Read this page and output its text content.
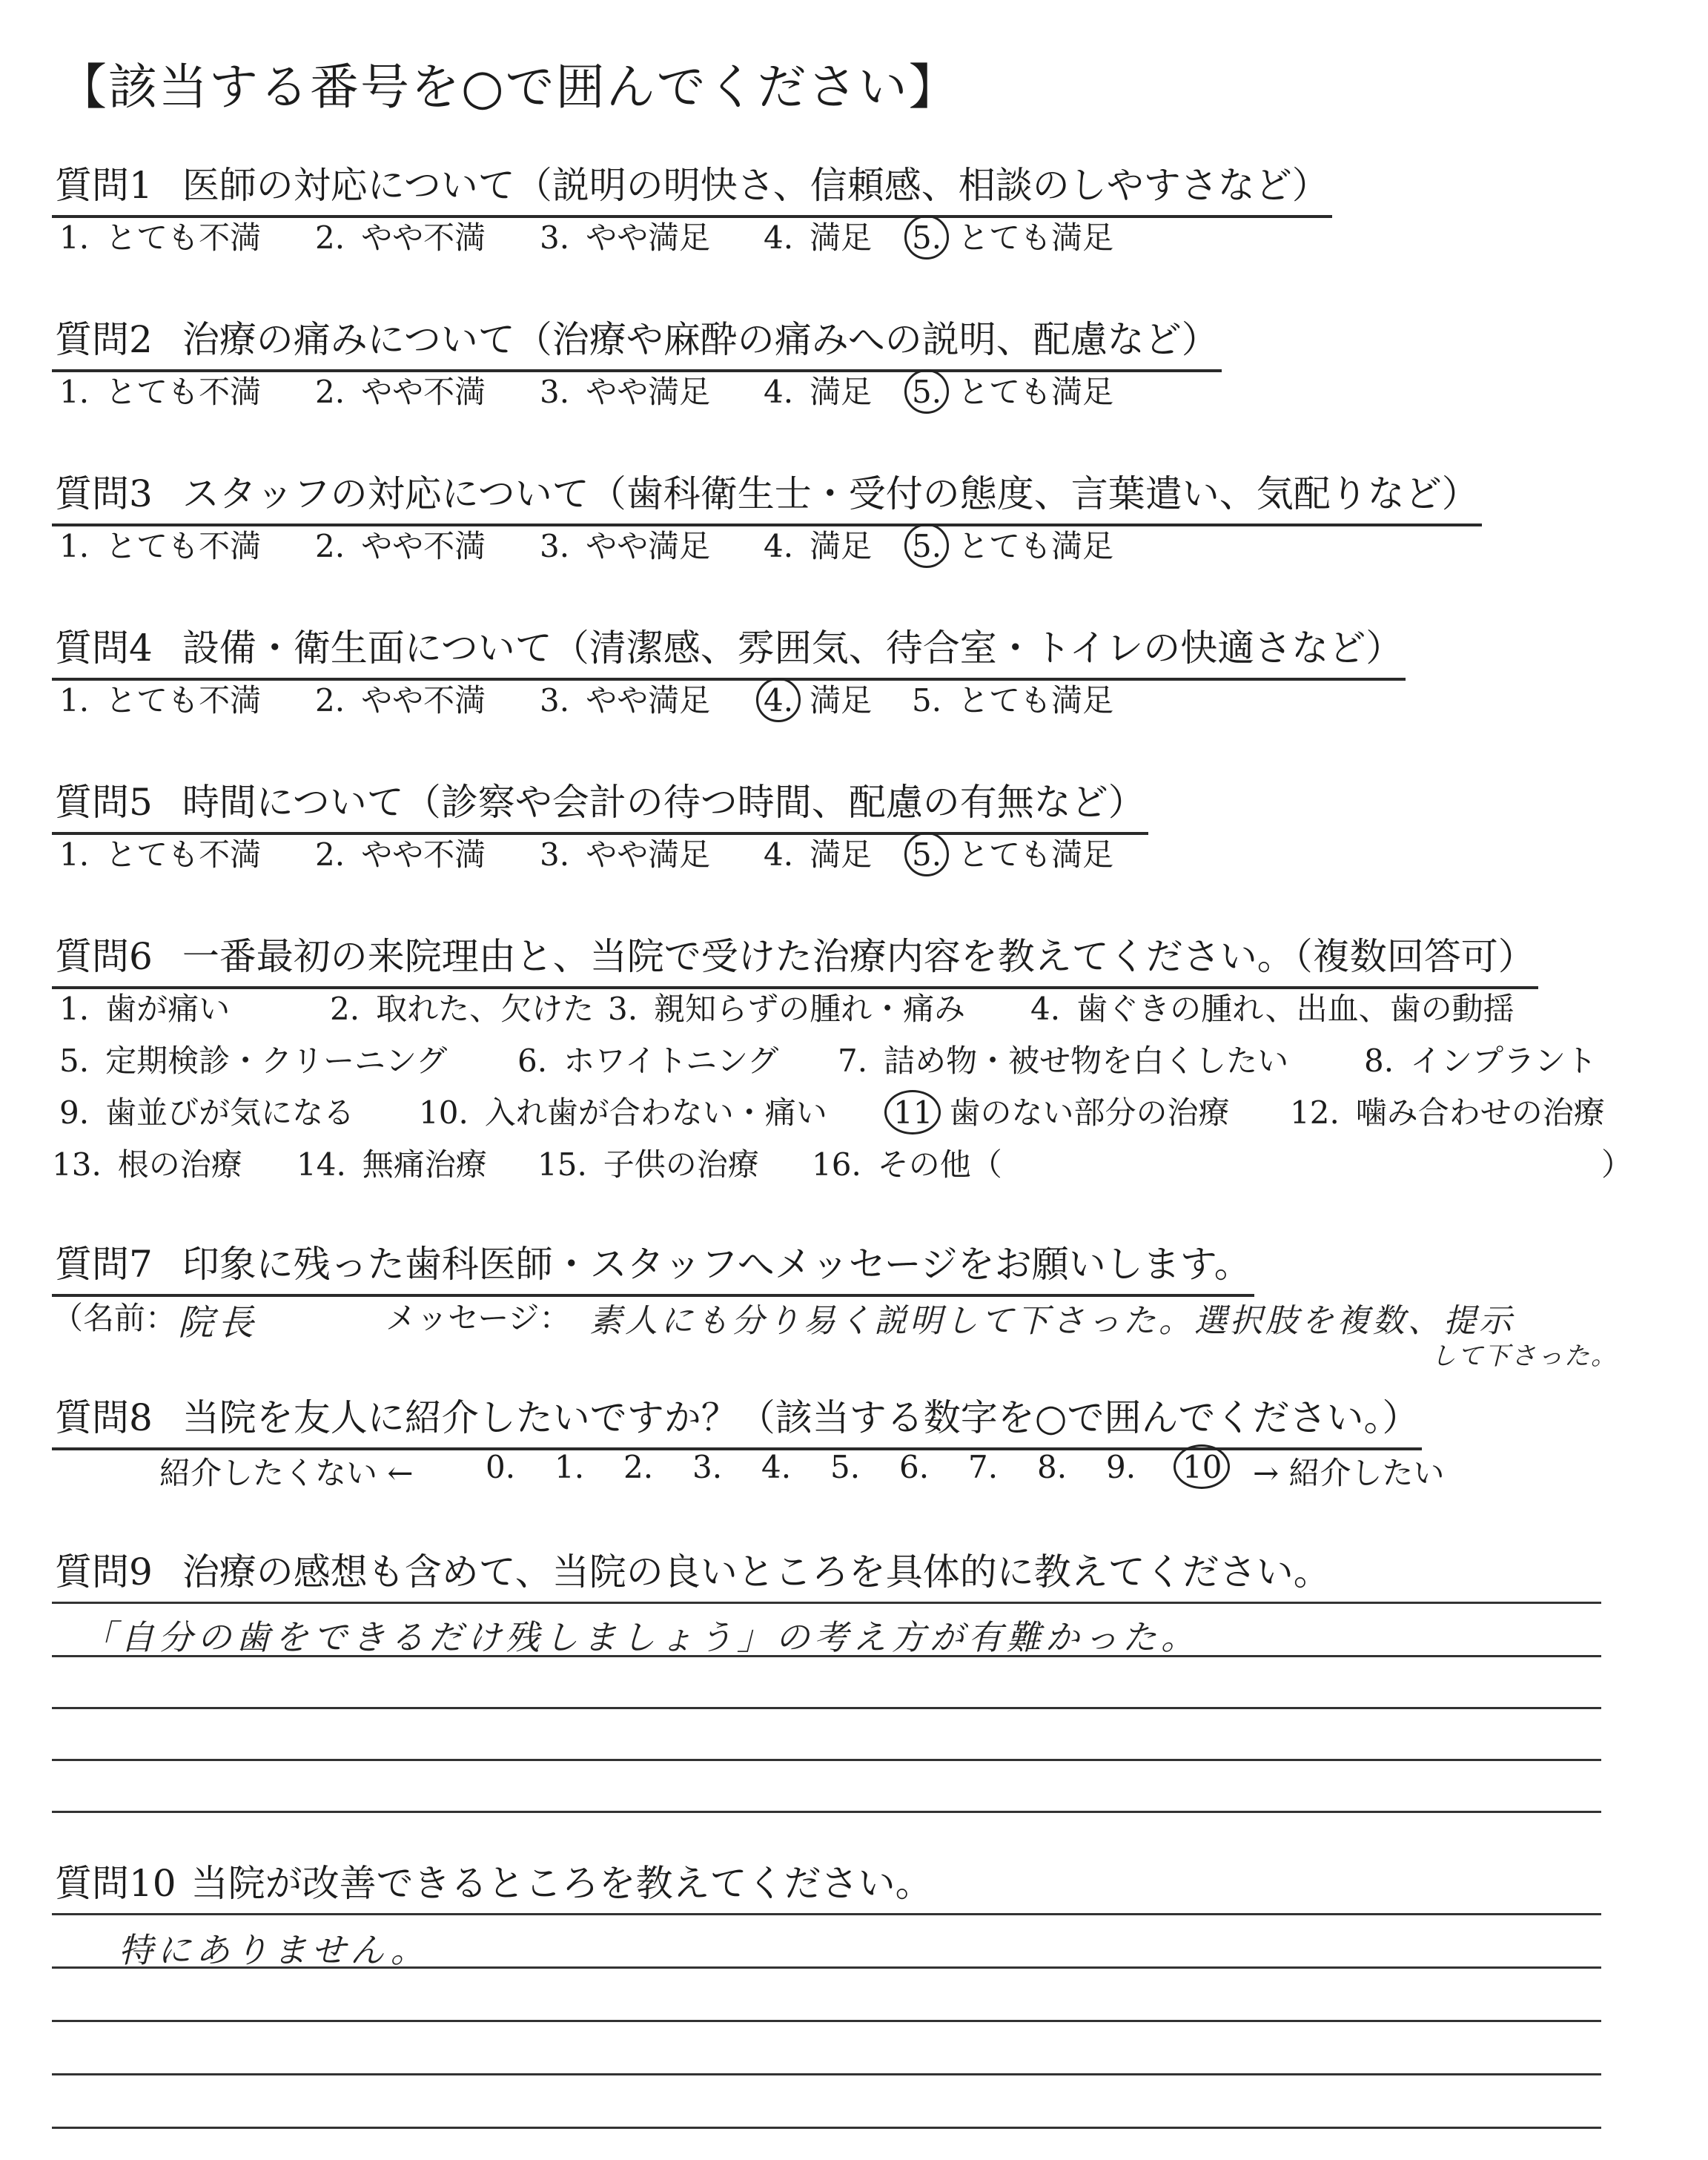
【該当する番号を○で囲んでください】
質問1 医師の対応について（説明の明快さ、信頼感、相談のしやすさなど）
1. とても不満 2. やや不満 3. やや満足 4. 満足 5. とても満足
質問2 治療の痛みについて（治療や麻酔の痛みへの説明、配慮など）
1. とても不満 2. やや不満 3. やや満足 4. 満足 5. とても満足
質問3 スタッフの対応について（歯科衛生士・受付の態度、言葉遣い、気配りなど）
1. とても不満 2. やや不満 3. やや満足 4. 満足 5. とても満足
質問4 設備・衛生面について（清潔感、雰囲気、待合室・トイレの快適さなど）
1. とても不満 2. やや不満 3. やや満足 4. 満足 5. とても満足
質問5 時間について（診察や会計の待つ時間、配慮の有無など）
1. とても不満 2. やや不満 3. やや満足 4. 満足 5. とても満足
質問6 一番最初の来院理由と、当院で受けた治療内容を教えてください。（複数回答可）
1. 歯が痛い	2. 取れた、欠けた 3. 親知らずの腫れ・痛み 4. 歯ぐきの腫れ、出血、歯の動揺
5. 定期検診・クリーニング 6. ホワイトニング 7. 詰め物・被せ物を白くしたい 8. インプラント
9. 歯並びが気になる 10. 入れ歯が合わない・痛い 11 歯のない部分の治療 12. 噛み合わせの治療
13. 根の治療 14. 無痛治療 15. 子供の治療 16. その他（	）
質問7 印象に残った歯科医師・スタッフへメッセージをお願いします。
（名前： 院長	メッセージ： 素人にも分り易く説明して下さった。選択肢を複数、提示
して下さった。
質問8 当院を友人に紹介したいですか？（該当する数字を○で囲んでください。）
紹介したくない ← 0. 1. 2. 3. 4. 5. 6. 7. 8. 9. 10 → 紹介したい
質問9 治療の感想も含めて、当院の良いところを具体的に教えてください。
「自分の歯をできるだけ残しましょう」の考え方が有難かった。
質問10 当院が改善できるところを教えてください。
特にありません。
